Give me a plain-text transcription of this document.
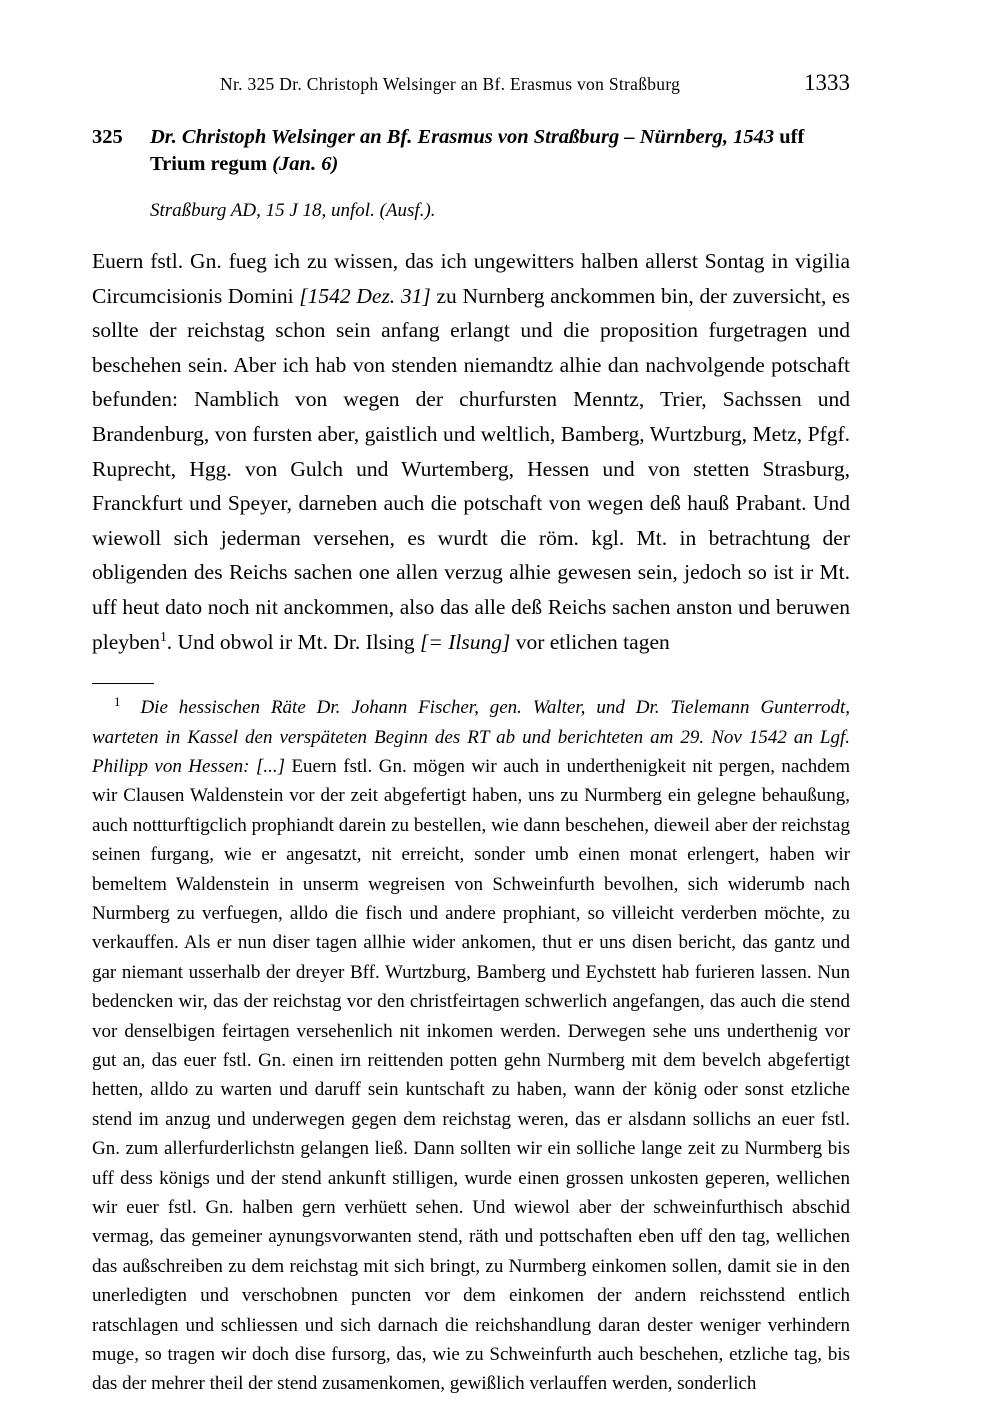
Nr. 325 Dr. Christoph Welsinger an Bf. Erasmus von Straßburg	1333
325 Dr. Christoph Welsinger an Bf. Erasmus von Straßburg – Nürnberg, 1543 uff Trium regum (Jan. 6)
Straßburg AD, 15 J 18, unfol. (Ausf.).
Euern fstl. Gn. fueg ich zu wissen, das ich ungewitters halben allerst Sontag in vigilia Circumcisionis Domini [1542 Dez. 31] zu Nurnberg anckommen bin, der zuversicht, es sollte der reichstag schon sein anfang erlangt und die proposition furgetragen und beschehen sein. Aber ich hab von stenden niemandtz alhie dan nachvolgende potschaft befunden: Namblich von wegen der churfursten Menntz, Trier, Sachssen und Brandenburg, von fursten aber, gaistlich und weltlich, Bamberg, Wurtzburg, Metz, Pfgf. Ruprecht, Hgg. von Gulch und Wurtemberg, Hessen und von stetten Strasburg, Franckfurt und Speyer, darneben auch die potschaft von wegen deß hauß Prabant. Und wiewoll sich jederman versehen, es wurdt die röm. kgl. Mt. in betrachtung der obligenden des Reichs sachen one allen verzug alhie gewesen sein, jedoch so ist ir Mt. uff heut dato noch nit anckommen, also das alle deß Reichs sachen anston und beruwen pleyben$^1$. Und obwol ir Mt. Dr. Ilsing [= Ilsung] vor etlichen tagen
$^1$ Die hessischen Räte Dr. Johann Fischer, gen. Walter, und Dr. Tielemann Gunterrodt, warteten in Kassel den verspäteten Beginn des RT ab und berichteten am 29. Nov 1542 an Lgf. Philipp von Hessen: [...] Euern fstl. Gn. mögen wir auch in underthenigkeit nit pergen, nachdem wir Clausen Waldenstein vor der zeit abgefertigt haben, uns zu Nurmberg ein gelegne behaußung, auch nottturftigclich prophiandt darein zu bestellen, wie dann beschehen, dieweil aber der reichstag seinen furgang, wie er angesatzt, nit erreicht, sonder umb einen monat erlengert, haben wir bemeltem Waldenstein in unserm wegreisen von Schweinfurth bevolhen, sich widerumb nach Nurmberg zu verfuegen, alldo die fisch und andere prophiant, so villeicht verderben möchte, zu verkauffen. Als er nun diser tagen allhie wider ankomen, thut er uns disen bericht, das gantz und gar niemant usserhalb der dreyer Bff. Wurtzburg, Bamberg und Eychstett hab furieren lassen. Nun bedencken wir, das der reichstag vor den christfeirtagen schwerlich angefangen, das auch die stend vor denselbigen feirtagen versehenlich nit inkomen werden. Derwegen sehe uns underthenig vor gut an, das euer fstl. Gn. einen irn reittenden potten gehn Nurmberg mit dem bevelch abgefertigt hetten, alldo zu warten und daruff sein kuntschaft zu haben, wann der könig oder sonst etzliche stend im anzug und underwegen gegen dem reichstag weren, das er alsdann sollichs an euer fstl. Gn. zum allerfurderlichstn gelangen ließ. Dann sollten wir ein solliche lange zeit zu Nurmberg bis uff dess königs und der stend ankunft stilligen, wurde einen grossen unkosten geperen, wellichen wir euer fstl. Gn. halben gern verhüett sehen. Und wiewol aber der schweinfurthisch abschid vermag, das gemeiner aynungsvorwanten stend, räth und pottschaften eben uff den tag, wellichen das außschreiben zu dem reichstag mit sich bringt, zu Nurmberg einkomen sollen, damit sie in den unerledigten und verschobnen puncten vor dem einkomen der andern reichsstend entlich ratschlagen und schliessen und sich darnach die reichshandlung daran dester weniger verhindern muge, so tragen wir doch dise fursorg, das, wie zu Schweinfurth auch beschehen, etzliche tag, bis das der mehrer theil der stend zusamenkomen, gewißlich verlauffen werden, sonderlich
